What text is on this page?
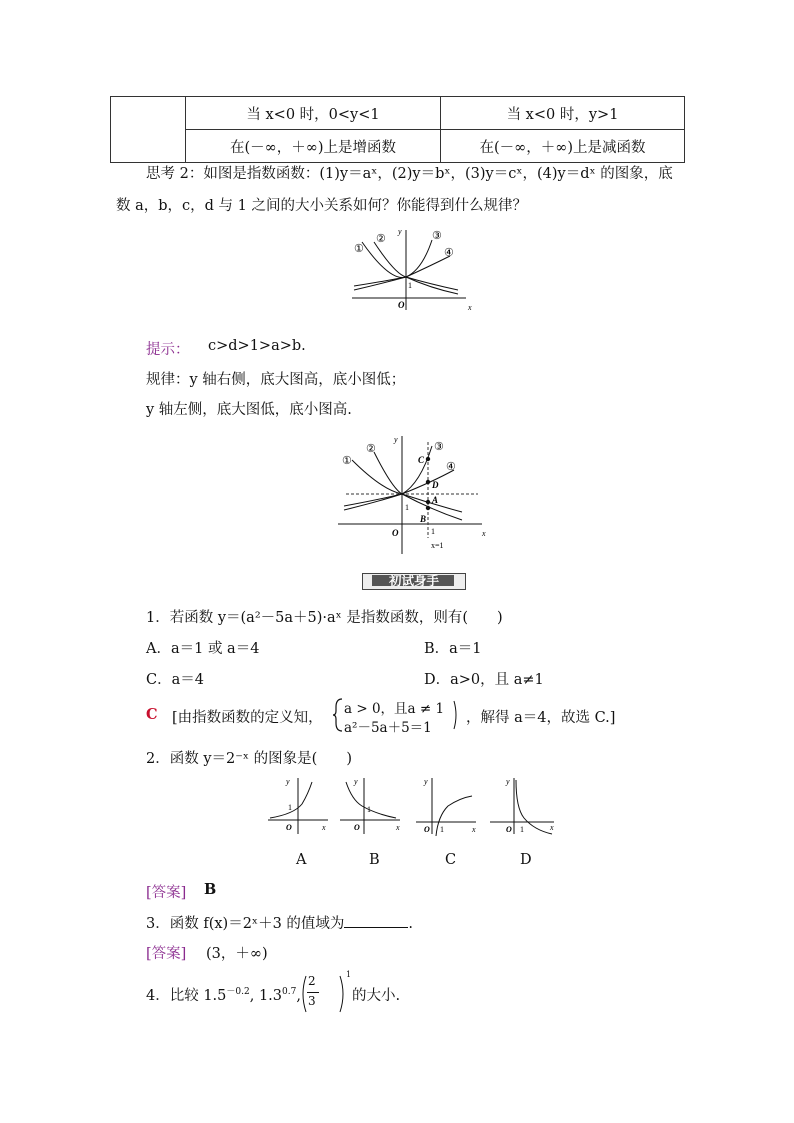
	当 x<0 时，0<y<1	当 x<0 时，y>1
	在(－∞，＋∞)上是增函数	在(－∞，＋∞)上是减函数
思考 2：如图是指数函数：(1)y＝aˣ，(2)y＝bˣ，(3)y＝cˣ，(4)y＝dˣ 的图象，底
数 a，b，c，d 与 1 之间的大小关系如何？你能得到什么规律？
①
②	③
④
y
x
O
1
提示： c>d>1>a>b.
规律：y 轴右侧，底大图高，底小图低；
y 轴左侧，底大图低，底小图高.
①
②	③
④
C
D
A
B
y
x
O
1
1
x=1
初试身手
1．若函数 y＝(a²－5a＋5)·aˣ 是指数函数，则有(　　)
A．a＝1 或 a＝4	B．a＝1
C．a＝4	D．a>0，且 a≠1
C [由指数函数的定义知，
a > 0，且a ≠ 1
a²－5a＋5＝1
，解得 a＝4，故选 C.]
2．函数 y＝2⁻ˣ 的图象是(　　)
y
x
O
1
y
x
O
1
y
x
O 1
y
x
O 1
A	B	C	D
[答案] B
3．函数 f(x)＝2ˣ＋3 的值域为	.
[答案] (3，＋∞)
4．比较 $1.5^{-0.2}$, $1.3^{0.7}$,
2
3
1
的大小.
